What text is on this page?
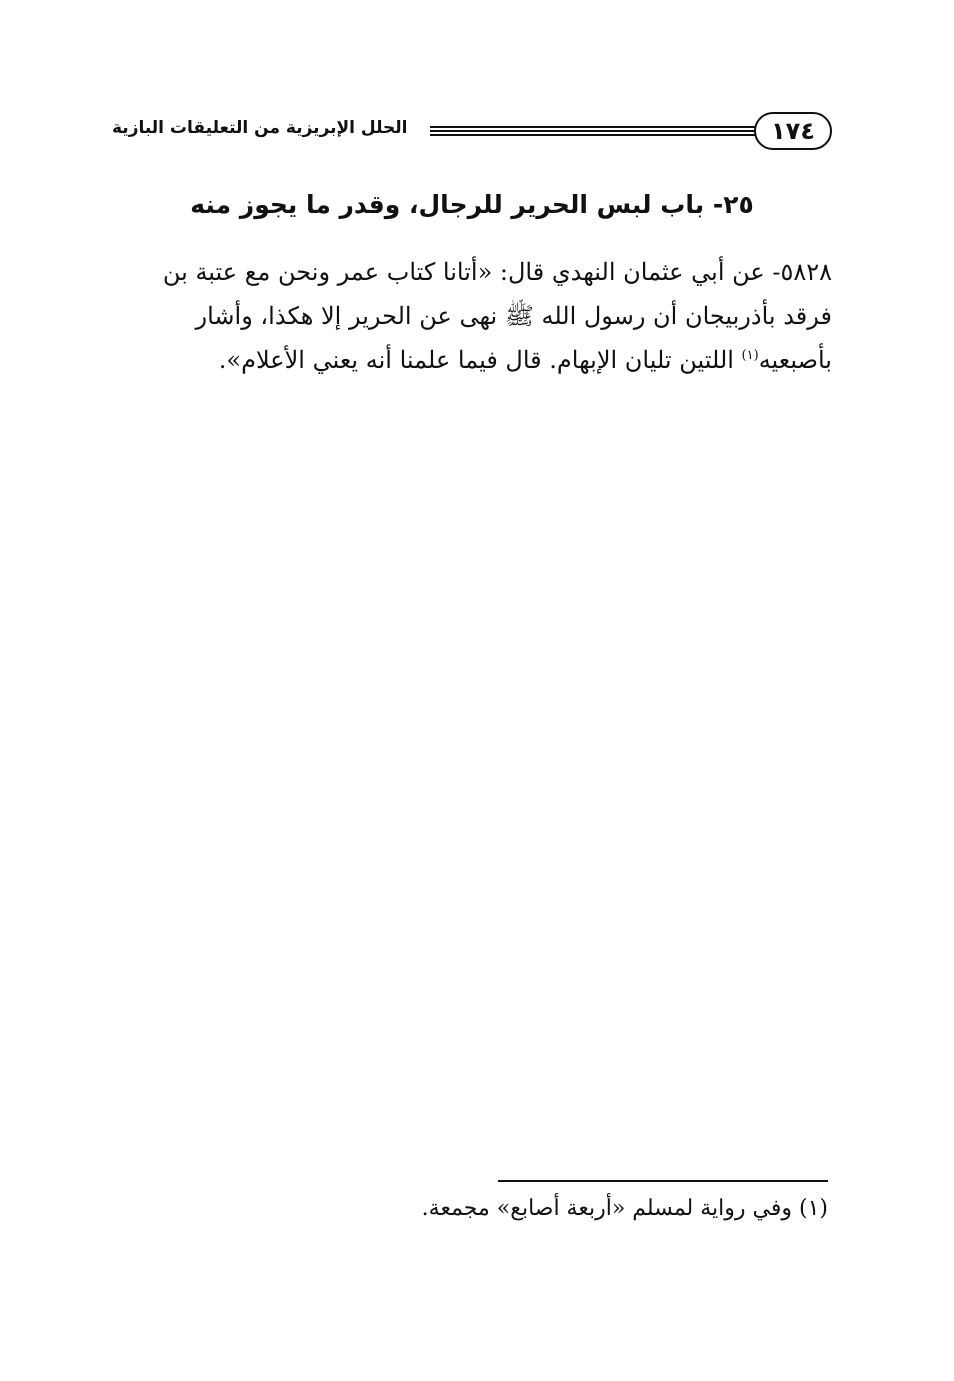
١٧٤
الحلل الإبريزية من التعليقات البازية
٢٥- باب لبس الحرير للرجال، وقدر ما يجوز منه
٥٨٢٨- عن أبي عثمان النهدي قال: «أتانا كتاب عمر ونحن مع عتبة بن
فرقد بأذربيجان أن رسول الله ﷺ نهى عن الحرير إلا هكذا، وأشار
بأصبعيه$^{(١)}$ اللتين تليان الإبهام. قال فيما علمنا أنه يعني الأعلام».
(١) وفي رواية لمسلم «أربعة أصابع» مجمعة.
